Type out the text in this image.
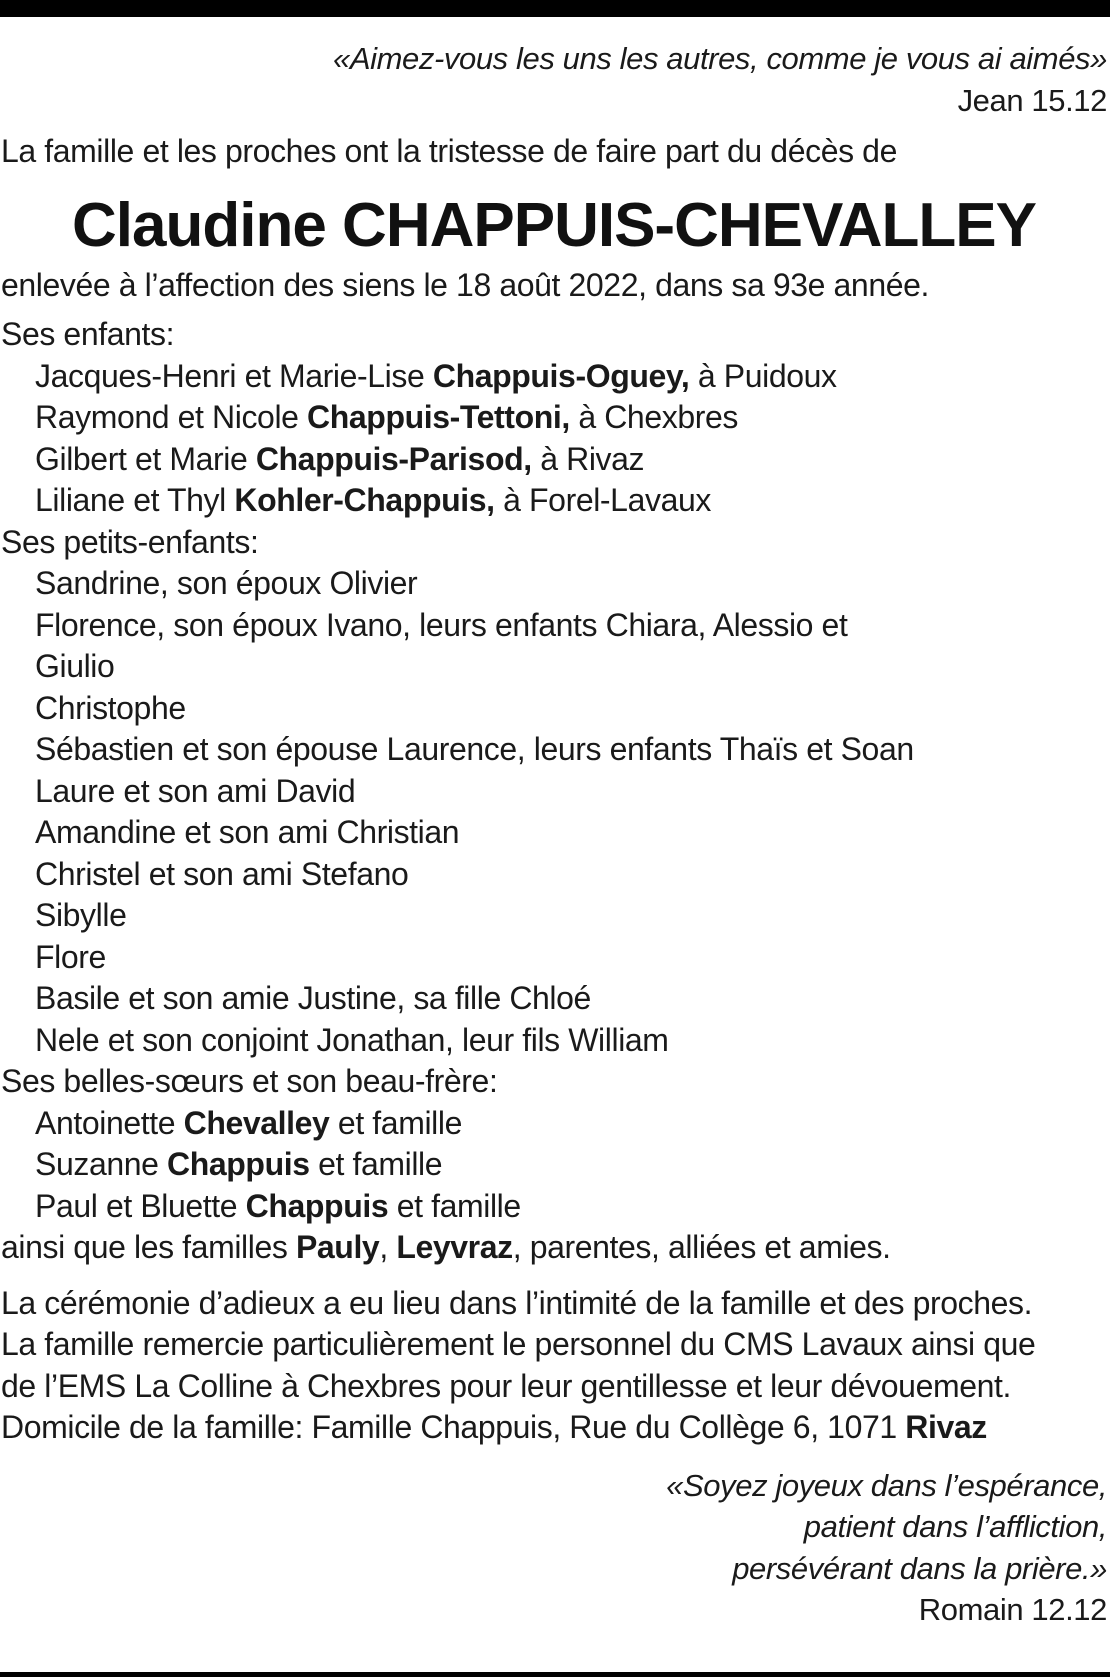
«Aimez-vous les uns les autres, comme je vous ai aimés»
Jean 15.12
La famille et les proches ont la tristesse de faire part du décès de
Claudine CHAPPUIS-CHEVALLEY
enlevée à l’affection des siens le 18 août 2022, dans sa 93e année.
Ses enfants:
Jacques-Henri et Marie-Lise Chappuis-Oguey, à Puidoux
Raymond et Nicole Chappuis-Tettoni, à Chexbres
Gilbert et Marie Chappuis-Parisod, à Rivaz
Liliane et Thyl Kohler-Chappuis, à Forel-Lavaux
Ses petits-enfants:
Sandrine, son époux Olivier
Florence, son époux Ivano, leurs enfants Chiara, Alessio et
Giulio
Christophe
Sébastien et son épouse Laurence, leurs enfants Thaïs et Soan
Laure et son ami David
Amandine et son ami Christian
Christel et son ami Stefano
Sibylle
Flore
Basile et son amie Justine, sa fille Chloé
Nele et son conjoint Jonathan, leur fils William
Ses belles-sœurs et son beau-frère:
Antoinette Chevalley et famille
Suzanne Chappuis et famille
Paul et Bluette Chappuis et famille
ainsi que les familles Pauly, Leyvraz, parentes, alliées et amies.
La cérémonie d’adieux a eu lieu dans l’intimité de la famille et des proches.
La famille remercie particulièrement le personnel du CMS Lavaux ainsi que
de l’EMS La Colline à Chexbres pour leur gentillesse et leur dévouement.
Domicile de la famille: Famille Chappuis, Rue du Collège 6, 1071 Rivaz
«Soyez joyeux dans l’espérance,
patient dans l’affliction,
persévérant dans la prière.»
Romain 12.12
